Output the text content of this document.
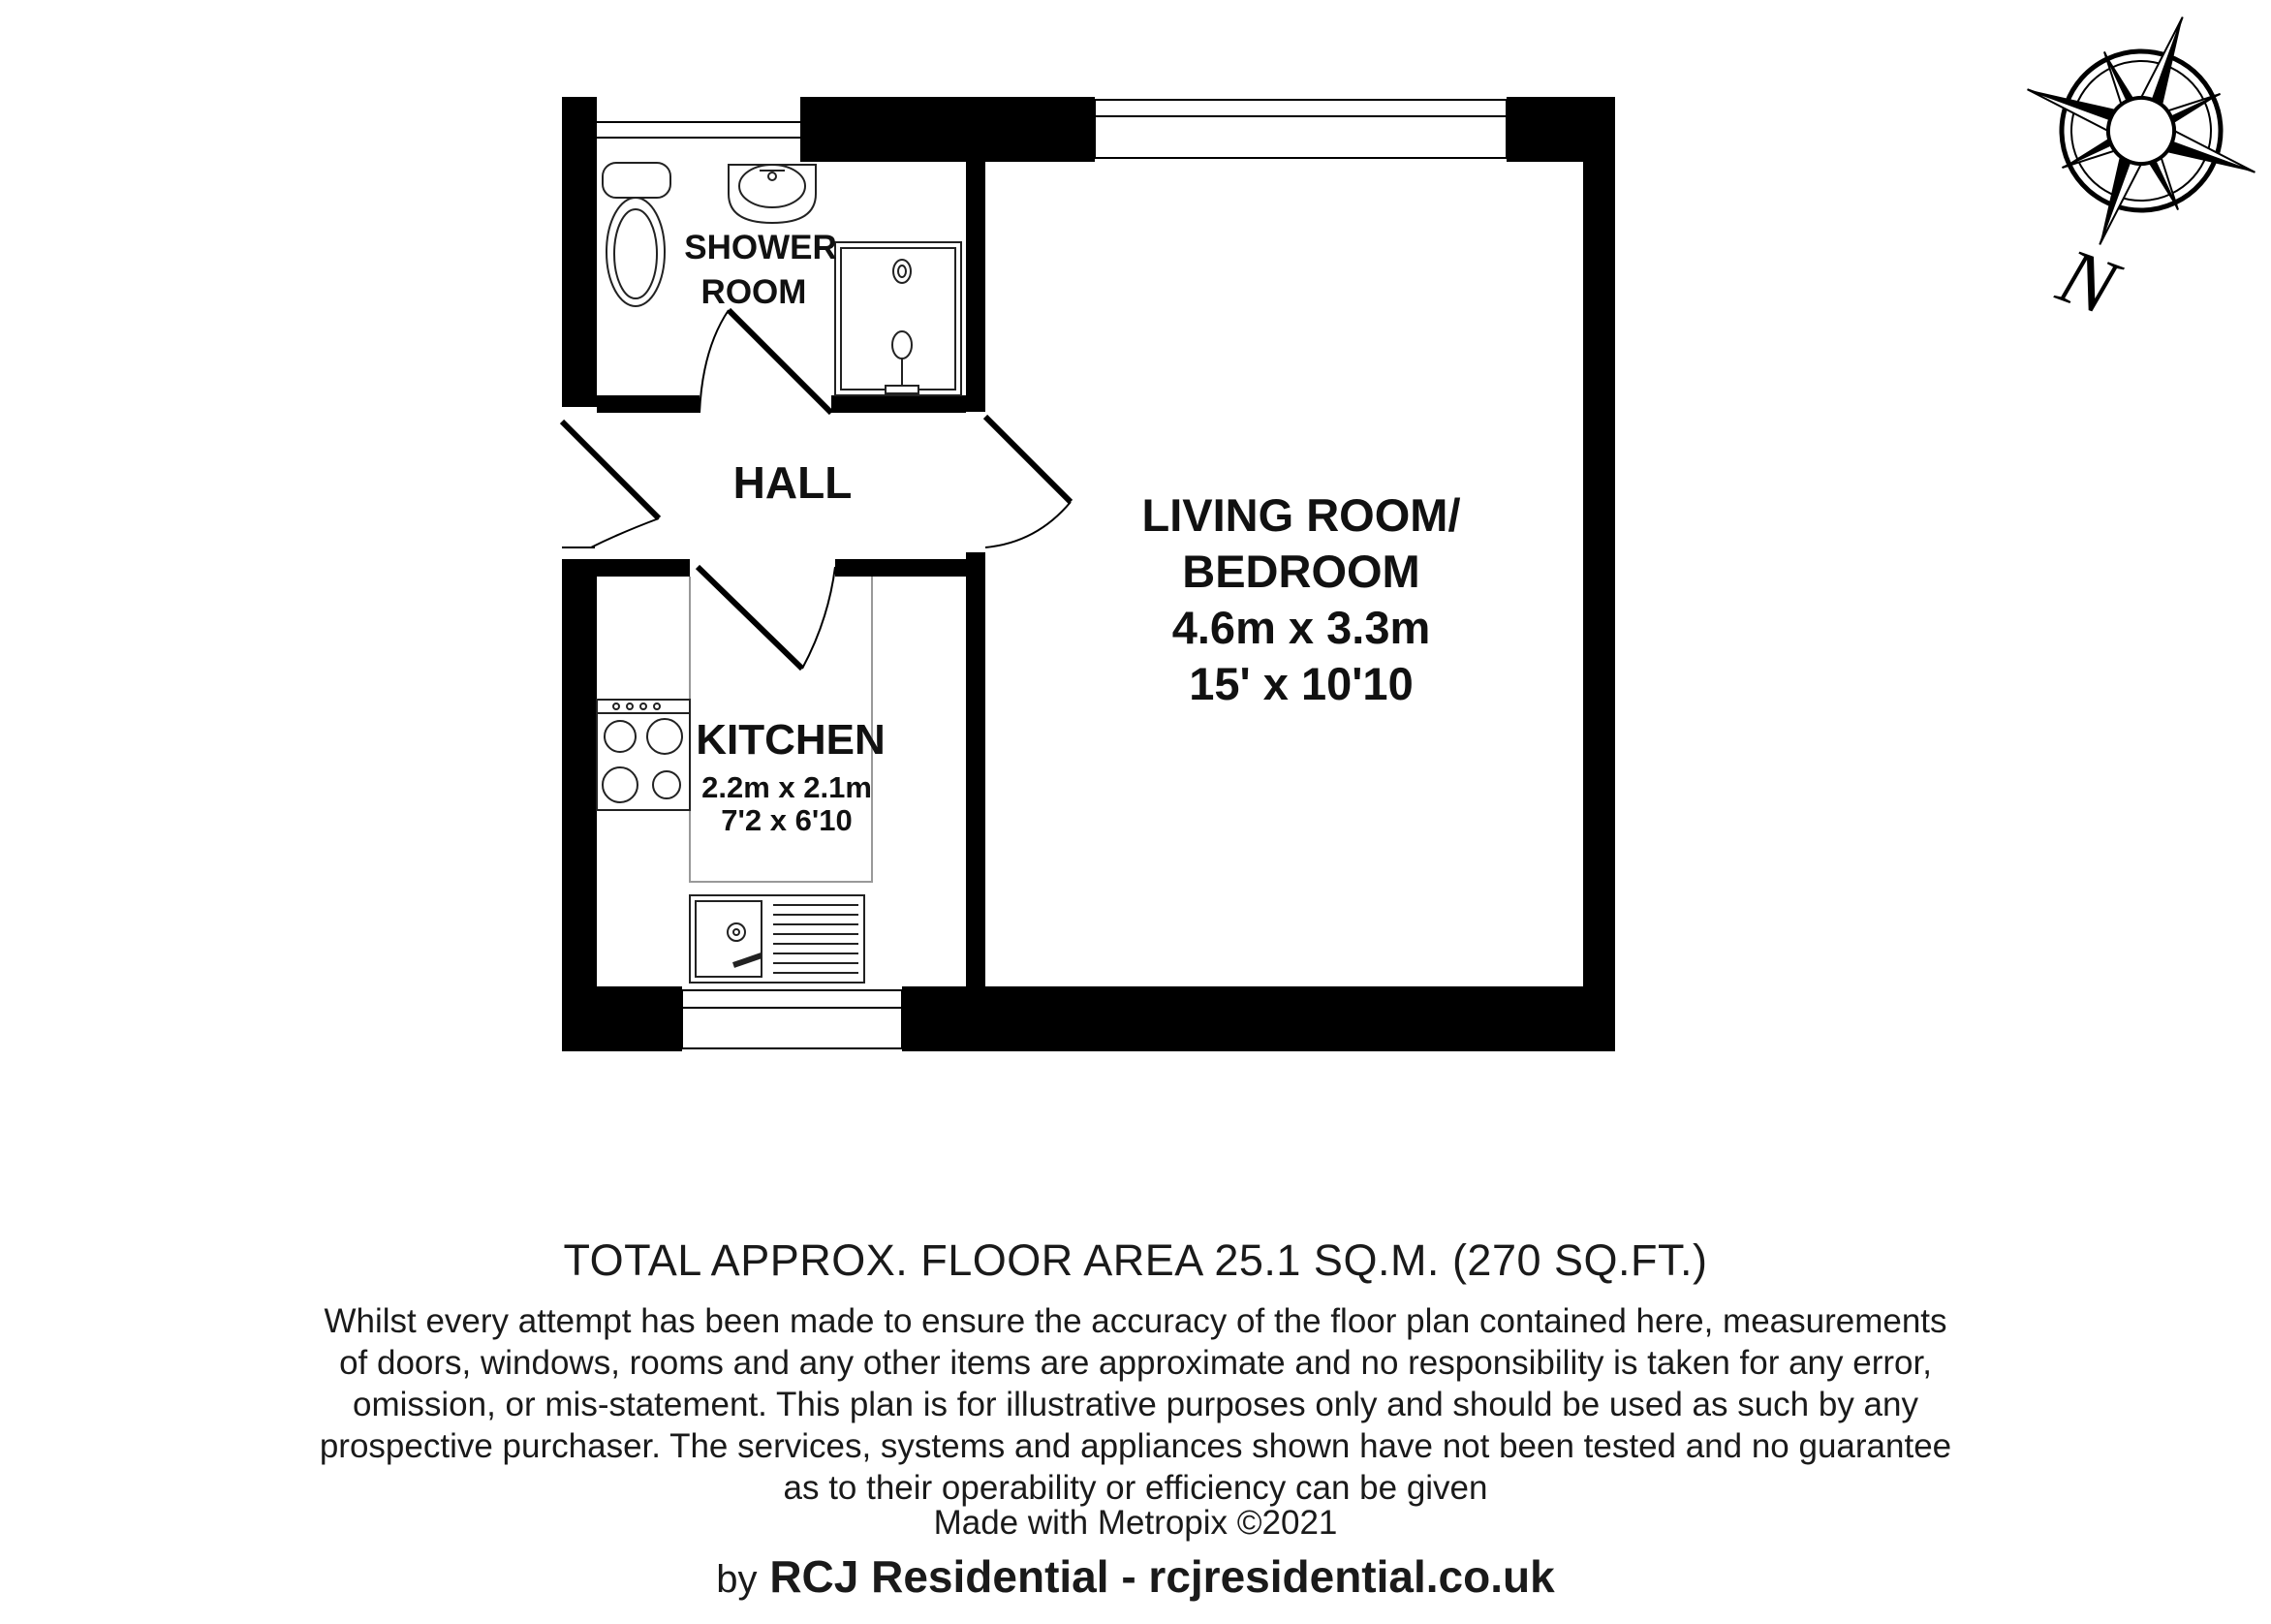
SHOWER
ROOM
HALL
LIVING ROOM/
BEDROOM
4.6m x 3.3m
15' x 10'10
KITCHEN
2.2m x 2.1m
7'2 x 6'10
N
TOTAL APPROX. FLOOR AREA 25.1 SQ.M. (270 SQ.FT.)
Whilst every attempt has been made to ensure the accuracy of the floor plan contained here, measurements
of doors, windows, rooms and any other items are approximate and no responsibility is taken for any error,
omission, or mis-statement. This plan is for illustrative purposes only and should be used as such by any
prospective purchaser. The services, systems and appliances shown have not been tested and no guarantee
as to their operability or efficiency can be given
Made with Metropix ©2021
by RCJ Residential - rcjresidential.co.uk
